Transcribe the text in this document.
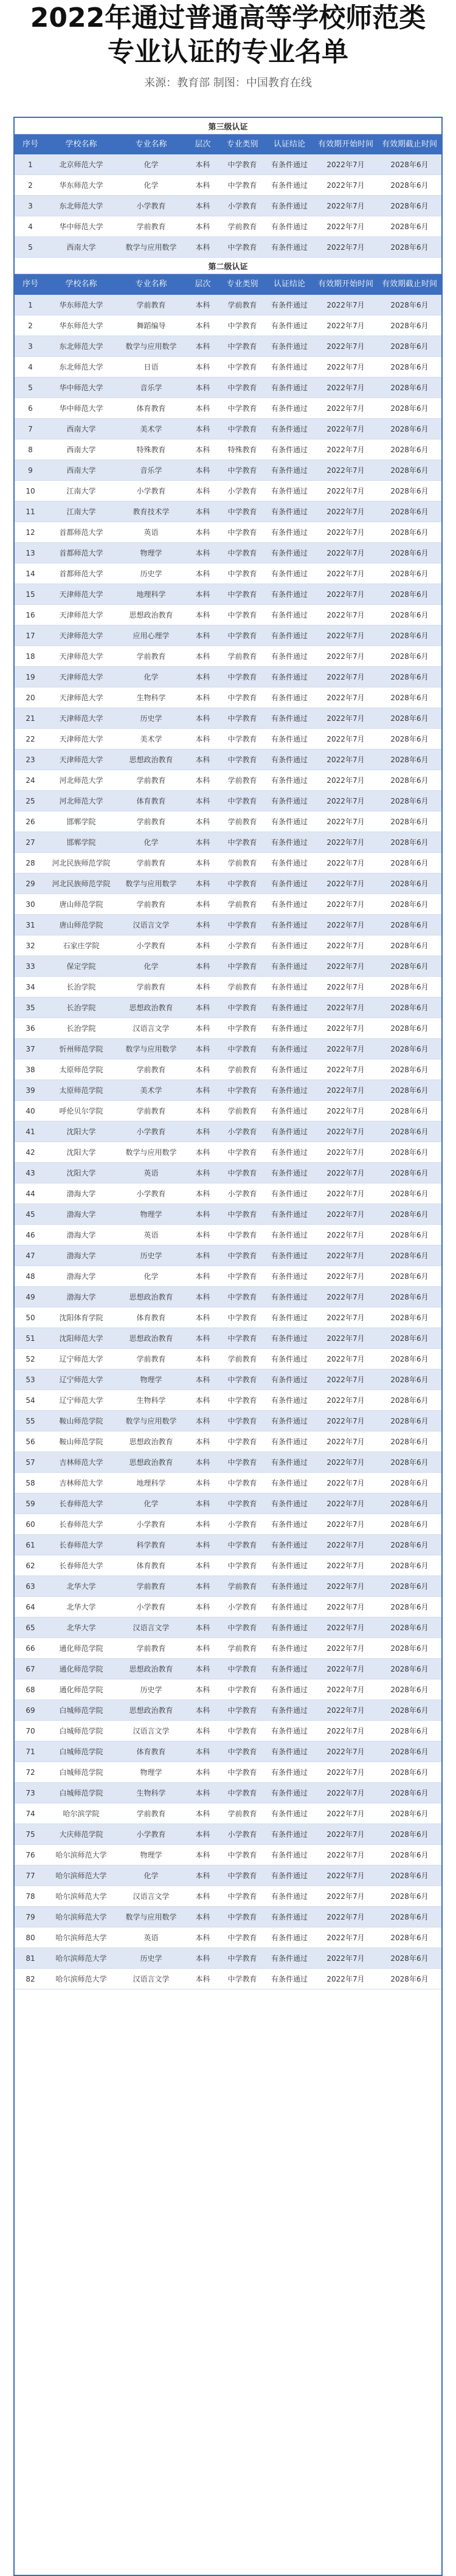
2022年通过普通高等学校师范类
专业认证的专业名单
来源：教育部 制图：中国教育在线
第三级认证							
序号	学校名称	专业名称	层次	专业类别	认证结论	有效期开始时间	有效期截止时间
1	北京师范大学	化学	本科	中学教育	有条件通过	2022年7月	2028年6月
2	华东师范大学	化学	本科	中学教育	有条件通过	2022年7月	2028年6月
3	东北师范大学	小学教育	本科	小学教育	有条件通过	2022年7月	2028年6月
4	华中师范大学	学前教育	本科	学前教育	有条件通过	2022年7月	2028年6月
5	西南大学	数学与应用数学	本科	中学教育	有条件通过	2022年7月	2028年6月
第二级认证							
序号	学校名称	专业名称	层次	专业类别	认证结论	有效期开始时间	有效期截止时间
1	华东师范大学	学前教育	本科	学前教育	有条件通过	2022年7月	2028年6月
2	华东师范大学	舞蹈编导	本科	中学教育	有条件通过	2022年7月	2028年6月
3	东北师范大学	数学与应用数学	本科	中学教育	有条件通过	2022年7月	2028年6月
4	东北师范大学	日语	本科	中学教育	有条件通过	2022年7月	2028年6月
5	华中师范大学	音乐学	本科	中学教育	有条件通过	2022年7月	2028年6月
6	华中师范大学	体育教育	本科	中学教育	有条件通过	2022年7月	2028年6月
7	西南大学	美术学	本科	中学教育	有条件通过	2022年7月	2028年6月
8	西南大学	特殊教育	本科	特殊教育	有条件通过	2022年7月	2028年6月
9	西南大学	音乐学	本科	中学教育	有条件通过	2022年7月	2028年6月
10	江南大学	小学教育	本科	小学教育	有条件通过	2022年7月	2028年6月
11	江南大学	教育技术学	本科	中学教育	有条件通过	2022年7月	2028年6月
12	首都师范大学	英语	本科	中学教育	有条件通过	2022年7月	2028年6月
13	首都师范大学	物理学	本科	中学教育	有条件通过	2022年7月	2028年6月
14	首都师范大学	历史学	本科	中学教育	有条件通过	2022年7月	2028年6月
15	天津师范大学	地理科学	本科	中学教育	有条件通过	2022年7月	2028年6月
16	天津师范大学	思想政治教育	本科	中学教育	有条件通过	2022年7月	2028年6月
17	天津师范大学	应用心理学	本科	中学教育	有条件通过	2022年7月	2028年6月
18	天津师范大学	学前教育	本科	学前教育	有条件通过	2022年7月	2028年6月
19	天津师范大学	化学	本科	中学教育	有条件通过	2022年7月	2028年6月
20	天津师范大学	生物科学	本科	中学教育	有条件通过	2022年7月	2028年6月
21	天津师范大学	历史学	本科	中学教育	有条件通过	2022年7月	2028年6月
22	天津师范大学	美术学	本科	中学教育	有条件通过	2022年7月	2028年6月
23	天津师范大学	思想政治教育	本科	中学教育	有条件通过	2022年7月	2028年6月
24	河北师范大学	学前教育	本科	学前教育	有条件通过	2022年7月	2028年6月
25	河北师范大学	体育教育	本科	中学教育	有条件通过	2022年7月	2028年6月
26	邯郸学院	学前教育	本科	学前教育	有条件通过	2022年7月	2028年6月
27	邯郸学院	化学	本科	中学教育	有条件通过	2022年7月	2028年6月
28	河北民族师范学院	学前教育	本科	学前教育	有条件通过	2022年7月	2028年6月
29	河北民族师范学院	数学与应用数学	本科	中学教育	有条件通过	2022年7月	2028年6月
30	唐山师范学院	学前教育	本科	学前教育	有条件通过	2022年7月	2028年6月
31	唐山师范学院	汉语言文学	本科	中学教育	有条件通过	2022年7月	2028年6月
32	石家庄学院	小学教育	本科	小学教育	有条件通过	2022年7月	2028年6月
33	保定学院	化学	本科	中学教育	有条件通过	2022年7月	2028年6月
34	长治学院	学前教育	本科	学前教育	有条件通过	2022年7月	2028年6月
35	长治学院	思想政治教育	本科	中学教育	有条件通过	2022年7月	2028年6月
36	长治学院	汉语言文学	本科	中学教育	有条件通过	2022年7月	2028年6月
37	忻州师范学院	数学与应用数学	本科	中学教育	有条件通过	2022年7月	2028年6月
38	太原师范学院	学前教育	本科	学前教育	有条件通过	2022年7月	2028年6月
39	太原师范学院	美术学	本科	中学教育	有条件通过	2022年7月	2028年6月
40	呼伦贝尔学院	学前教育	本科	学前教育	有条件通过	2022年7月	2028年6月
41	沈阳大学	小学教育	本科	小学教育	有条件通过	2022年7月	2028年6月
42	沈阳大学	数学与应用数学	本科	中学教育	有条件通过	2022年7月	2028年6月
43	沈阳大学	英语	本科	中学教育	有条件通过	2022年7月	2028年6月
44	渤海大学	小学教育	本科	小学教育	有条件通过	2022年7月	2028年6月
45	渤海大学	物理学	本科	中学教育	有条件通过	2022年7月	2028年6月
46	渤海大学	英语	本科	中学教育	有条件通过	2022年7月	2028年6月
47	渤海大学	历史学	本科	中学教育	有条件通过	2022年7月	2028年6月
48	渤海大学	化学	本科	中学教育	有条件通过	2022年7月	2028年6月
49	渤海大学	思想政治教育	本科	中学教育	有条件通过	2022年7月	2028年6月
50	沈阳体育学院	体育教育	本科	中学教育	有条件通过	2022年7月	2028年6月
51	沈阳师范大学	思想政治教育	本科	中学教育	有条件通过	2022年7月	2028年6月
52	辽宁师范大学	学前教育	本科	学前教育	有条件通过	2022年7月	2028年6月
53	辽宁师范大学	物理学	本科	中学教育	有条件通过	2022年7月	2028年6月
54	辽宁师范大学	生物科学	本科	中学教育	有条件通过	2022年7月	2028年6月
55	鞍山师范学院	数学与应用数学	本科	中学教育	有条件通过	2022年7月	2028年6月
56	鞍山师范学院	思想政治教育	本科	中学教育	有条件通过	2022年7月	2028年6月
57	吉林师范大学	思想政治教育	本科	中学教育	有条件通过	2022年7月	2028年6月
58	吉林师范大学	地理科学	本科	中学教育	有条件通过	2022年7月	2028年6月
59	长春师范大学	化学	本科	中学教育	有条件通过	2022年7月	2028年6月
60	长春师范大学	小学教育	本科	小学教育	有条件通过	2022年7月	2028年6月
61	长春师范大学	科学教育	本科	中学教育	有条件通过	2022年7月	2028年6月
62	长春师范大学	体育教育	本科	中学教育	有条件通过	2022年7月	2028年6月
63	北华大学	学前教育	本科	学前教育	有条件通过	2022年7月	2028年6月
64	北华大学	小学教育	本科	小学教育	有条件通过	2022年7月	2028年6月
65	北华大学	汉语言文学	本科	中学教育	有条件通过	2022年7月	2028年6月
66	通化师范学院	学前教育	本科	学前教育	有条件通过	2022年7月	2028年6月
67	通化师范学院	思想政治教育	本科	中学教育	有条件通过	2022年7月	2028年6月
68	通化师范学院	历史学	本科	中学教育	有条件通过	2022年7月	2028年6月
69	白城师范学院	思想政治教育	本科	中学教育	有条件通过	2022年7月	2028年6月
70	白城师范学院	汉语言文学	本科	中学教育	有条件通过	2022年7月	2028年6月
71	白城师范学院	体育教育	本科	中学教育	有条件通过	2022年7月	2028年6月
72	白城师范学院	物理学	本科	中学教育	有条件通过	2022年7月	2028年6月
73	白城师范学院	生物科学	本科	中学教育	有条件通过	2022年7月	2028年6月
74	哈尔滨学院	学前教育	本科	学前教育	有条件通过	2022年7月	2028年6月
75	大庆师范学院	小学教育	本科	小学教育	有条件通过	2022年7月	2028年6月
76	哈尔滨师范大学	物理学	本科	中学教育	有条件通过	2022年7月	2028年6月
77	哈尔滨师范大学	化学	本科	中学教育	有条件通过	2022年7月	2028年6月
78	哈尔滨师范大学	汉语言文学	本科	中学教育	有条件通过	2022年7月	2028年6月
79	哈尔滨师范大学	数学与应用数学	本科	中学教育	有条件通过	2022年7月	2028年6月
80	哈尔滨师范大学	英语	本科	中学教育	有条件通过	2022年7月	2028年6月
81	哈尔滨师范大学	历史学	本科	中学教育	有条件通过	2022年7月	2028年6月
82	哈尔滨师范大学	汉语言文学	本科	中学教育	有条件通过	2022年7月	2028年6月
